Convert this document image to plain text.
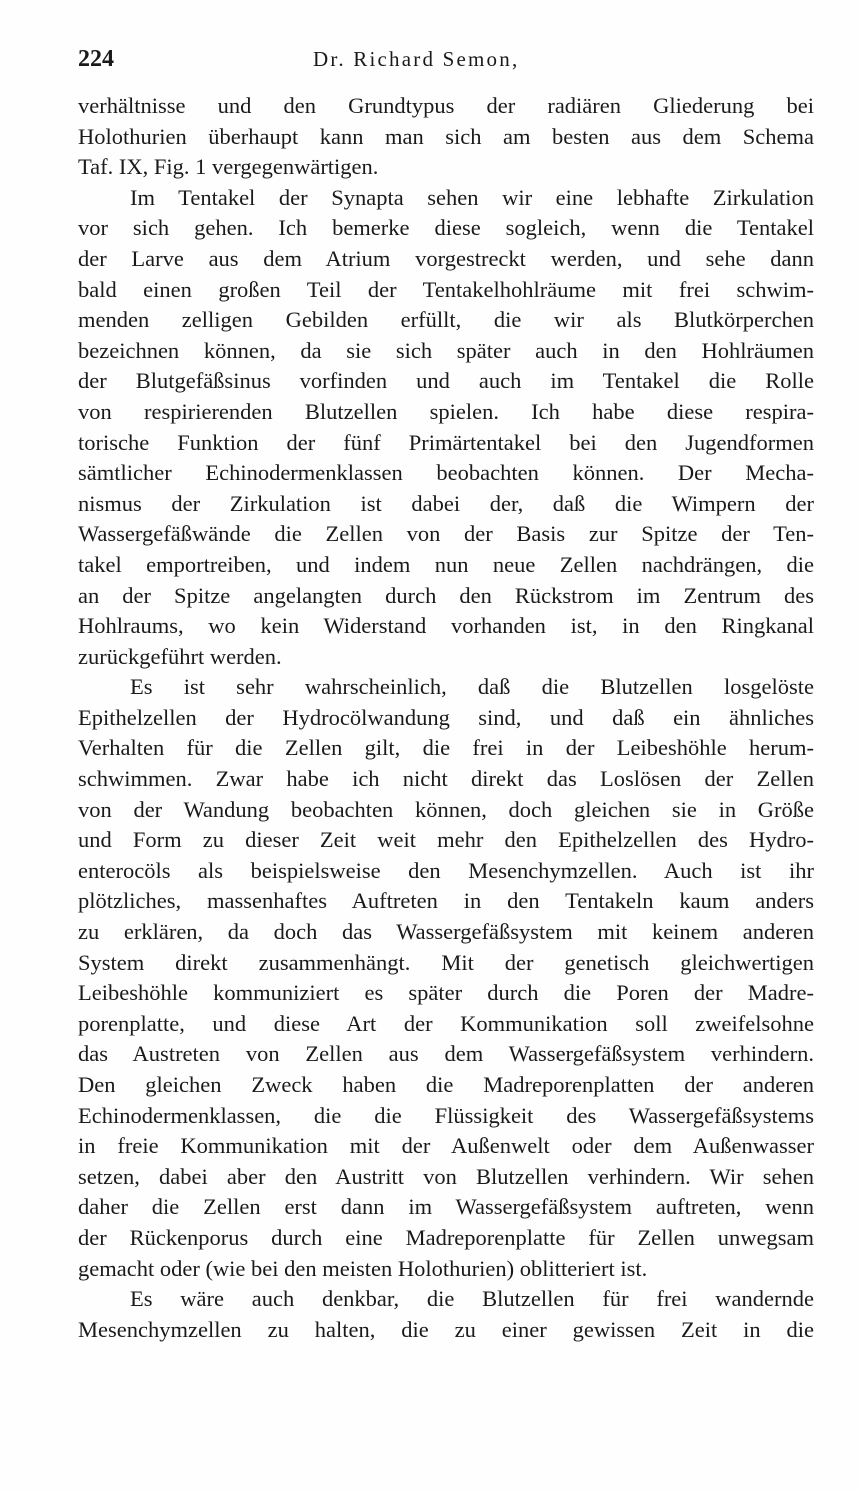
224	Dr. Richard Semon,
verhältnisse und den Grundtypus der radiären Gliederung bei
Holothurien überhaupt kann man sich am besten aus dem Schema
Taf. IX, Fig. 1 vergegenwärtigen.
Im Tentakel der Synapta sehen wir eine lebhafte Zirkulation
vor sich gehen. Ich bemerke diese sogleich, wenn die Tentakel
der Larve aus dem Atrium vorgestreckt werden, und sehe dann
bald einen großen Teil der Tentakelhohlräume mit frei schwim-
menden zelligen Gebilden erfüllt, die wir als Blutkörperchen
bezeichnen können, da sie sich später auch in den Hohlräumen
der Blutgefäßsinus vorfinden und auch im Tentakel die Rolle
von respirierenden Blutzellen spielen. Ich habe diese respira-
torische Funktion der fünf Primärtentakel bei den Jugendformen
sämtlicher Echinodermenklassen beobachten können. Der Mecha-
nismus der Zirkulation ist dabei der, daß die Wimpern der
Wassergefäßwände die Zellen von der Basis zur Spitze der Ten-
takel emportreiben, und indem nun neue Zellen nachdrängen, die
an der Spitze angelangten durch den Rückstrom im Zentrum des
Hohlraums, wo kein Widerstand vorhanden ist, in den Ringkanal
zurückgeführt werden.
Es ist sehr wahrscheinlich, daß die Blutzellen losgelöste
Epithelzellen der Hydrocölwandung sind, und daß ein ähnliches
Verhalten für die Zellen gilt, die frei in der Leibeshöhle herum-
schwimmen. Zwar habe ich nicht direkt das Loslösen der Zellen
von der Wandung beobachten können, doch gleichen sie in Größe
und Form zu dieser Zeit weit mehr den Epithelzellen des Hydro-
enterocöls als beispielsweise den Mesenchymzellen. Auch ist ihr
plötzliches, massenhaftes Auftreten in den Tentakeln kaum anders
zu erklären, da doch das Wassergefäßsystem mit keinem anderen
System direkt zusammenhängt. Mit der genetisch gleichwertigen
Leibeshöhle kommuniziert es später durch die Poren der Madre-
porenplatte, und diese Art der Kommunikation soll zweifelsohne
das Austreten von Zellen aus dem Wassergefäßsystem verhindern.
Den gleichen Zweck haben die Madreporenplatten der anderen
Echinodermenklassen, die die Flüssigkeit des Wassergefäßsystems
in freie Kommunikation mit der Außenwelt oder dem Außenwasser
setzen, dabei aber den Austritt von Blutzellen verhindern. Wir sehen
daher die Zellen erst dann im Wassergefäßsystem auftreten, wenn
der Rückenporus durch eine Madreporenplatte für Zellen unwegsam
gemacht oder (wie bei den meisten Holothurien) oblitteriert ist.
Es wäre auch denkbar, die Blutzellen für frei wandernde
Mesenchymzellen zu halten, die zu einer gewissen Zeit in die
